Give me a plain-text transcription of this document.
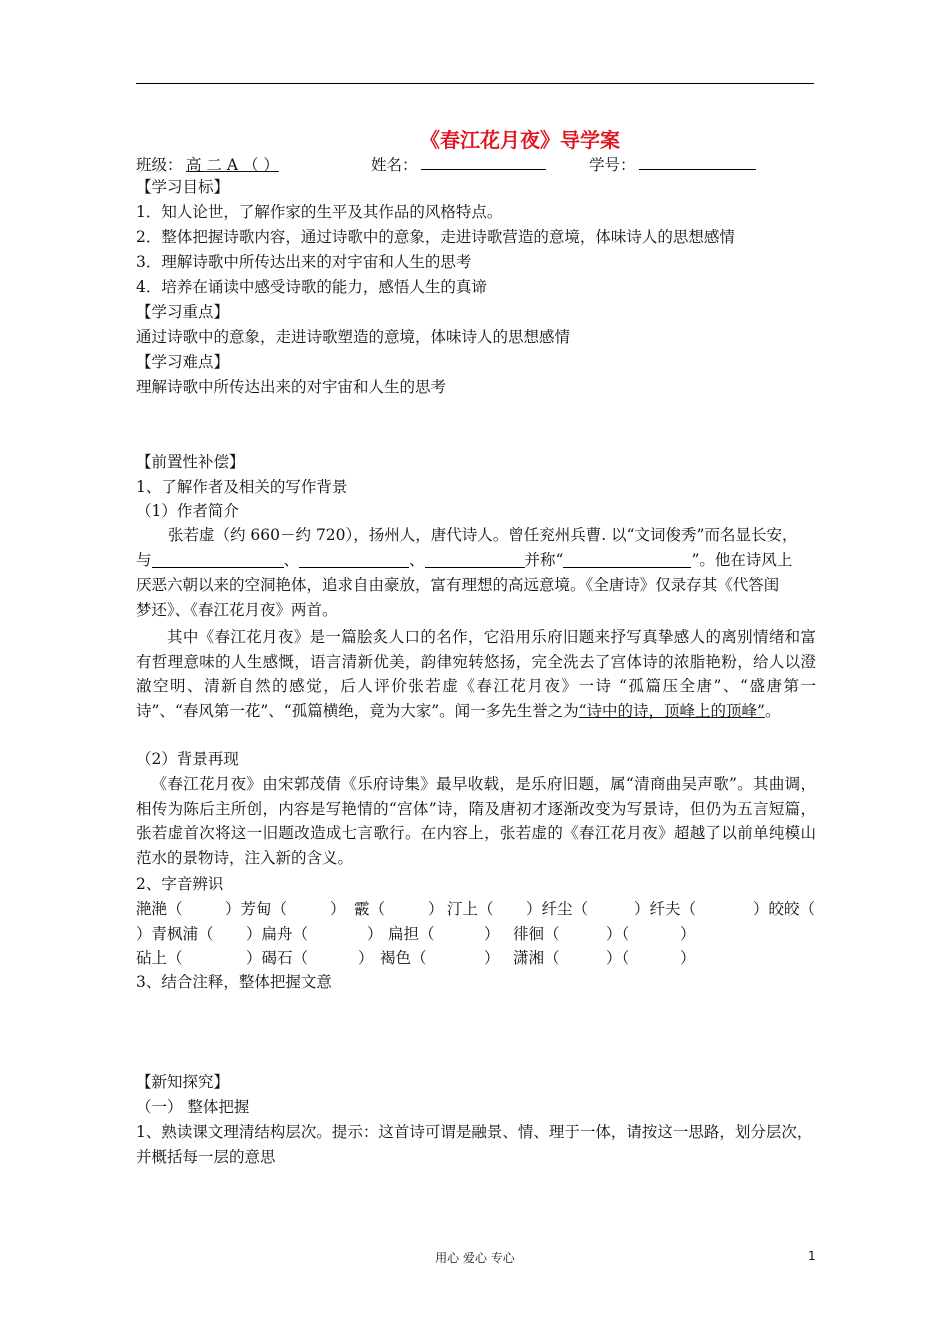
《春江花月夜》导学案
班级： 高 二 A （ ）	姓名：	学号：
【学习目标】
1．知人论世，了解作家的生平及其作品的风格特点。
2．整体把握诗歌内容，通过诗歌中的意象，走进诗歌营造的意境，体味诗人的思想感情
3．理解诗歌中所传达出来的对宇宙和人生的思考
4．培养在诵读中感受诗歌的能力，感悟人生的真谛
【学习重点】
通过诗歌中的意象，走进诗歌塑造的意境，体味诗人的思想感情
【学习难点】
理解诗歌中所传达出来的对宇宙和人生的思考
【前置性补偿】
1、了解作者及相关的写作背景
（1）作者简介
张若虚（约 660－约 720），扬州人，唐代诗人。曾任兖州兵曹. 以“文词俊秀”而名显长安，
与	、	、	并称“	”。他在诗风上
厌恶六朝以来的空洞艳体，追求自由豪放，富有理想的高远意境。《全唐诗》仅录存其《代答闺
梦还》、《春江花月夜》两首。
其中《春江花月夜》是一篇脍炙人口的名作，它沿用乐府旧题来抒写真挚感人的离别情绪和富有哲理意味的人生感慨，语言清新优美，韵律宛转悠扬，完全洗去了宫体诗的浓脂艳粉，给人以澄澈空明、清新自然的感觉，后人评价张若虚《春江花月夜》一诗 “孤篇压全唐”、“盛唐第一诗”、“春风第一花”、“孤篇横绝，竟为大家”。闻一多先生誉之为“诗中的诗，顶峰上的顶峰”。
（2）背景再现
《春江花月夜》由宋郭茂倩《乐府诗集》最早收载，是乐府旧题，属“清商曲吴声歌”。其曲调，相传为陈后主所创，内容是写艳情的“宫体”诗，隋及唐初才逐渐改变为写景诗，但仍为五言短篇，张若虚首次将这一旧题改造成七言歌行。在内容上，张若虚的《春江花月夜》超越了以前单纯模山范水的景物诗，注入新的含义。
2、字音辨识
滟滟（	）芳甸（	） 霰（	） 汀上（ ）纤尘（	）纤夫（	）皎皎（
）青枫浦（ ）扁舟（	） 扁担（	） 徘徊（	）（	）
砧上（	）碣石（	） 褐色（	） 潇湘（	）（	）
3、结合注释，整体把握文意
【新知探究】
（一） 整体把握
1、熟读课文理清结构层次。提示：这首诗可谓是融景、情、理于一体，请按这一思路，划分层次，
并概括每一层的意思
用心 爱心 专心	1
